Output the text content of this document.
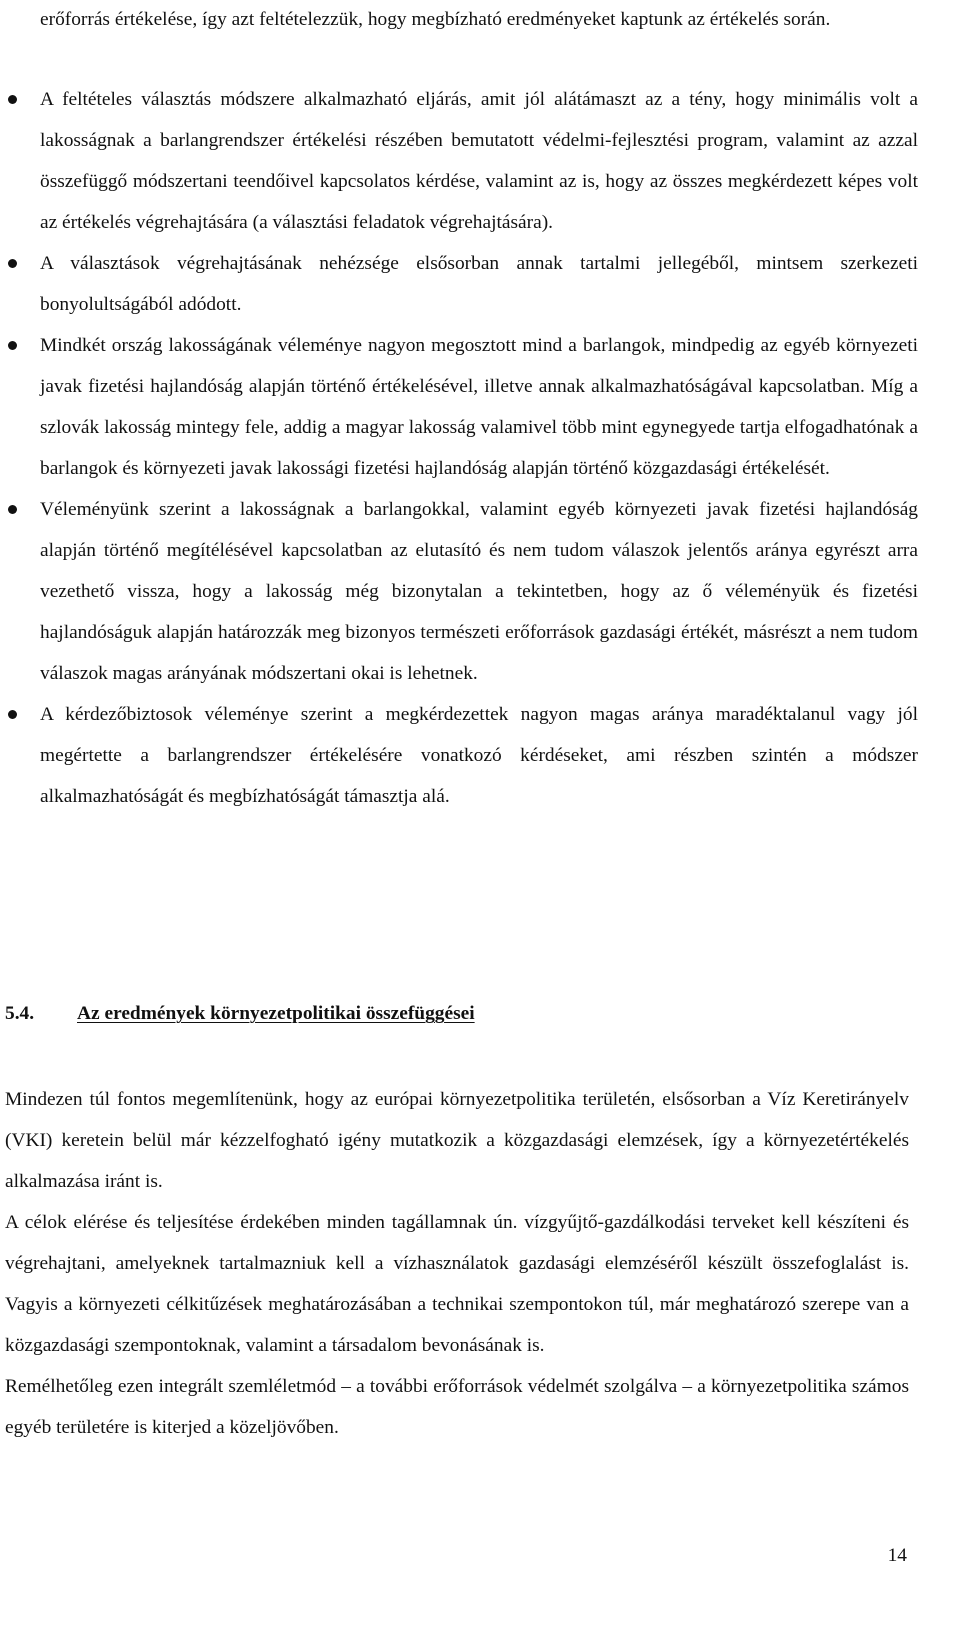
erőforrás értékelése, így azt feltételezzük, hogy megbízható eredményeket kaptunk az értékelés során.

A feltételes választás módszere alkalmazható eljárás, amit jól alátámaszt az a tény, hogy minimális volt a lakosságnak a barlangrendszer értékelési részében bemutatott védelmi-fejlesztési program, valamint az azzal összefüggő módszertani teendőivel kapcsolatos kérdése, valamint az is, hogy az összes megkérdezett képes volt az értékelés végrehajtására (a választási feladatok végrehajtására).
A választások végrehajtásának nehézsége elsősorban annak tartalmi jellegéből, mintsem szerkezeti bonyolultságából adódott.
Mindkét ország lakosságának véleménye nagyon megosztott mind a barlangok, mindpedig az egyéb környezeti javak fizetési hajlandóság alapján történő értékelésével, illetve annak alkalmazhatóságával kapcsolatban. Míg a szlovák lakosság mintegy fele, addig a magyar lakosság valamivel több mint egynegyede tartja elfogadhatónak a barlangok és környezeti javak lakossági fizetési hajlandóság alapján történő közgazdasági értékelését.
Véleményünk szerint a lakosságnak a barlangokkal, valamint egyéb környezeti javak fizetési hajlandóság alapján történő megítélésével kapcsolatban az elutasító és nem tudom válaszok jelentős aránya egyrészt arra vezethető vissza, hogy a lakosság még bizonytalan a tekintetben, hogy az ő véleményük és fizetési hajlandóságuk alapján határozzák meg bizonyos természeti erőforrások gazdasági értékét, másrészt a nem tudom válaszok magas arányának módszertani okai is lehetnek.
A kérdezőbiztosok véleménye szerint a megkérdezettek nagyon magas aránya maradéktalanul vagy jól megértette a barlangrendszer értékelésére vonatkozó kérdéseket, ami részben szintén a módszer alkalmazhatóságát és megbízhatóságát támasztja alá.
5.4. Az eredmények környezetpolitikai összefüggései

Mindezen túl fontos megemlítenünk, hogy az európai környezetpolitika területén, elsősorban a Víz Keretirányelv (VKI) keretein belül már kézzelfogható igény mutatkozik a közgazdasági elemzések, így a környezetértékelés alkalmazása iránt is.

A célok elérése és teljesítése érdekében minden tagállamnak ún. vízgyűjtő-gazdálkodási terveket kell készíteni és végrehajtani, amelyeknek tartalmazniuk kell a vízhasználatok gazdasági elemzéséről készült összefoglalást is. Vagyis a környezeti célkitűzések meghatározásában a technikai szempontokon túl, már meghatározó szerepe van a közgazdasági szempontoknak, valamint a társadalom bevonásának is.

Remélhetőleg ezen integrált szemléletmód – a további erőforrások védelmét szolgálva – a környezetpolitika számos egyéb területére is kiterjed a közeljövőben.

14
